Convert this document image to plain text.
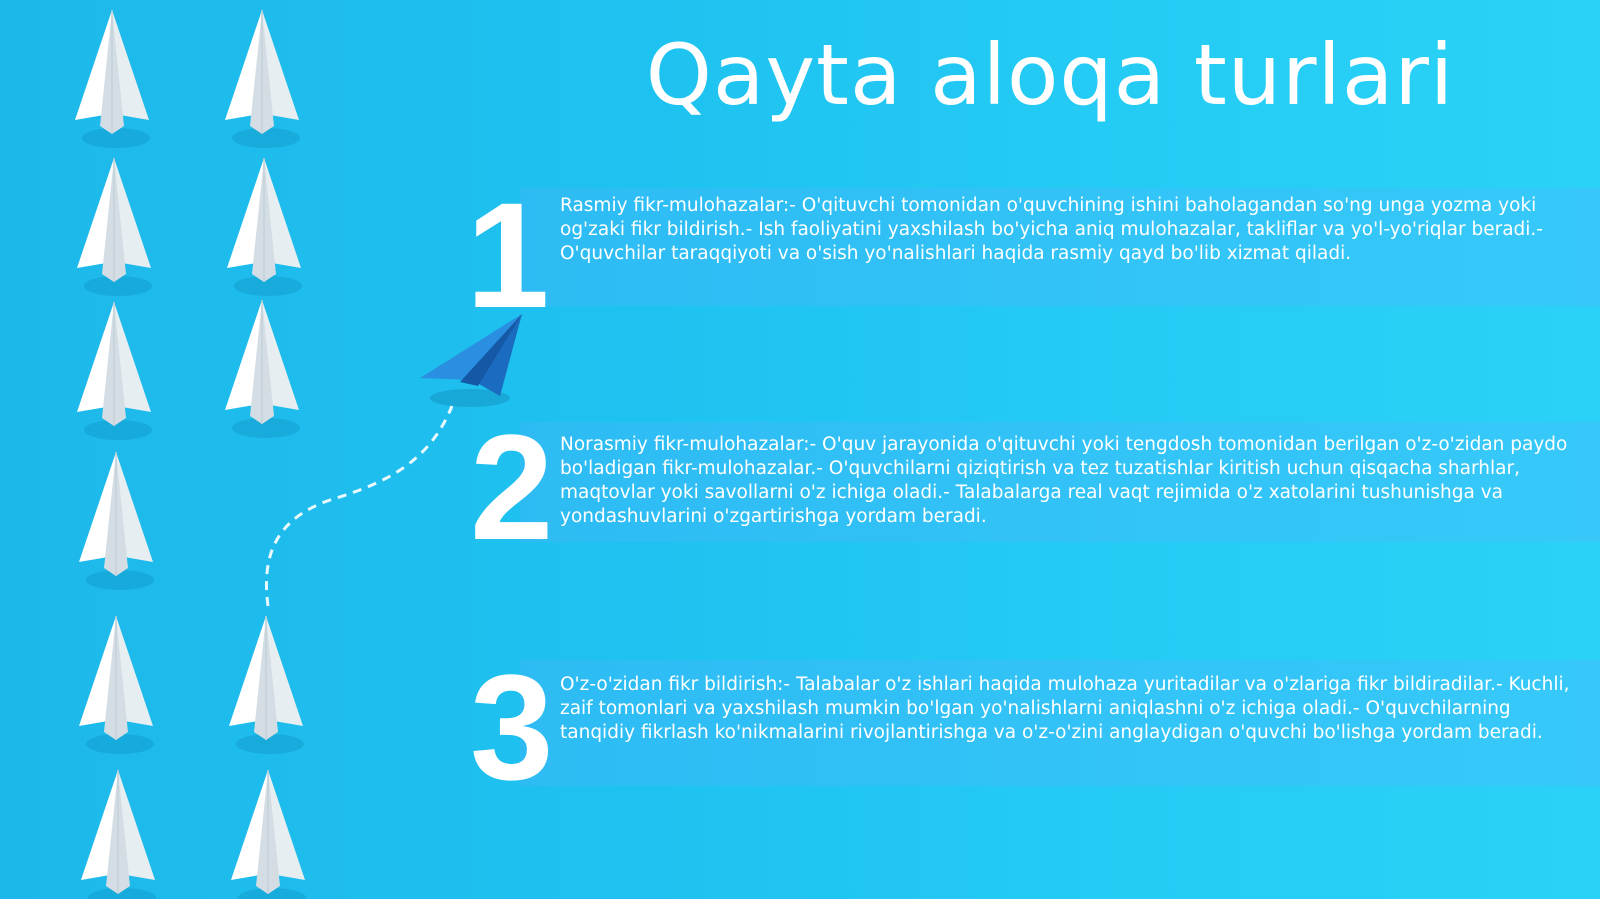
Qayta aloqa turlari
1 Rasmiy fikr-mulohazalar:- O'qituvchi tomonidan o'quvchining ishini baholagandan so'ng unga yozma yoki og'zaki fikr bildirish.- Ish faoliyatini yaxshilash bo'yicha aniq mulohazalar, takliflar va yo'l-yo'riqlar beradi.- O'quvchilar taraqqiyoti va o'sish yo'nalishlari haqida rasmiy qayd bo'lib xizmat qiladi.
2 Norasmiy fikr-mulohazalar:- O'quv jarayonida o'qituvchi yoki tengdosh tomonidan berilgan o'z-o'zidan paydo bo'ladigan fikr-mulohazalar.- O'quvchilarni qiziqtirish va tez tuzatishlar kiritish uchun qisqacha sharhlar, maqtovlar yoki savollarni o'z ichiga oladi.- Talabalarga real vaqt rejimida o'z xatolarini tushunishga va yondashuvlarini o'zgartirishga yordam beradi.
3 O'z-o'zidan fikr bildirish:- Talabalar o'z ishlari haqida mulohaza yuritadilar va o'zlariga fikr bildiradilar.- Kuchli, zaif tomonlari va yaxshilash mumkin bo'lgan yo'nalishlarni aniqlashni o'z ichiga oladi.- O'quvchilarning tanqidiy fikrlash ko'nikmalarini rivojlantirishga va o'z-o'zini anglaydigan o'quvchi bo'lishga yordam beradi.
